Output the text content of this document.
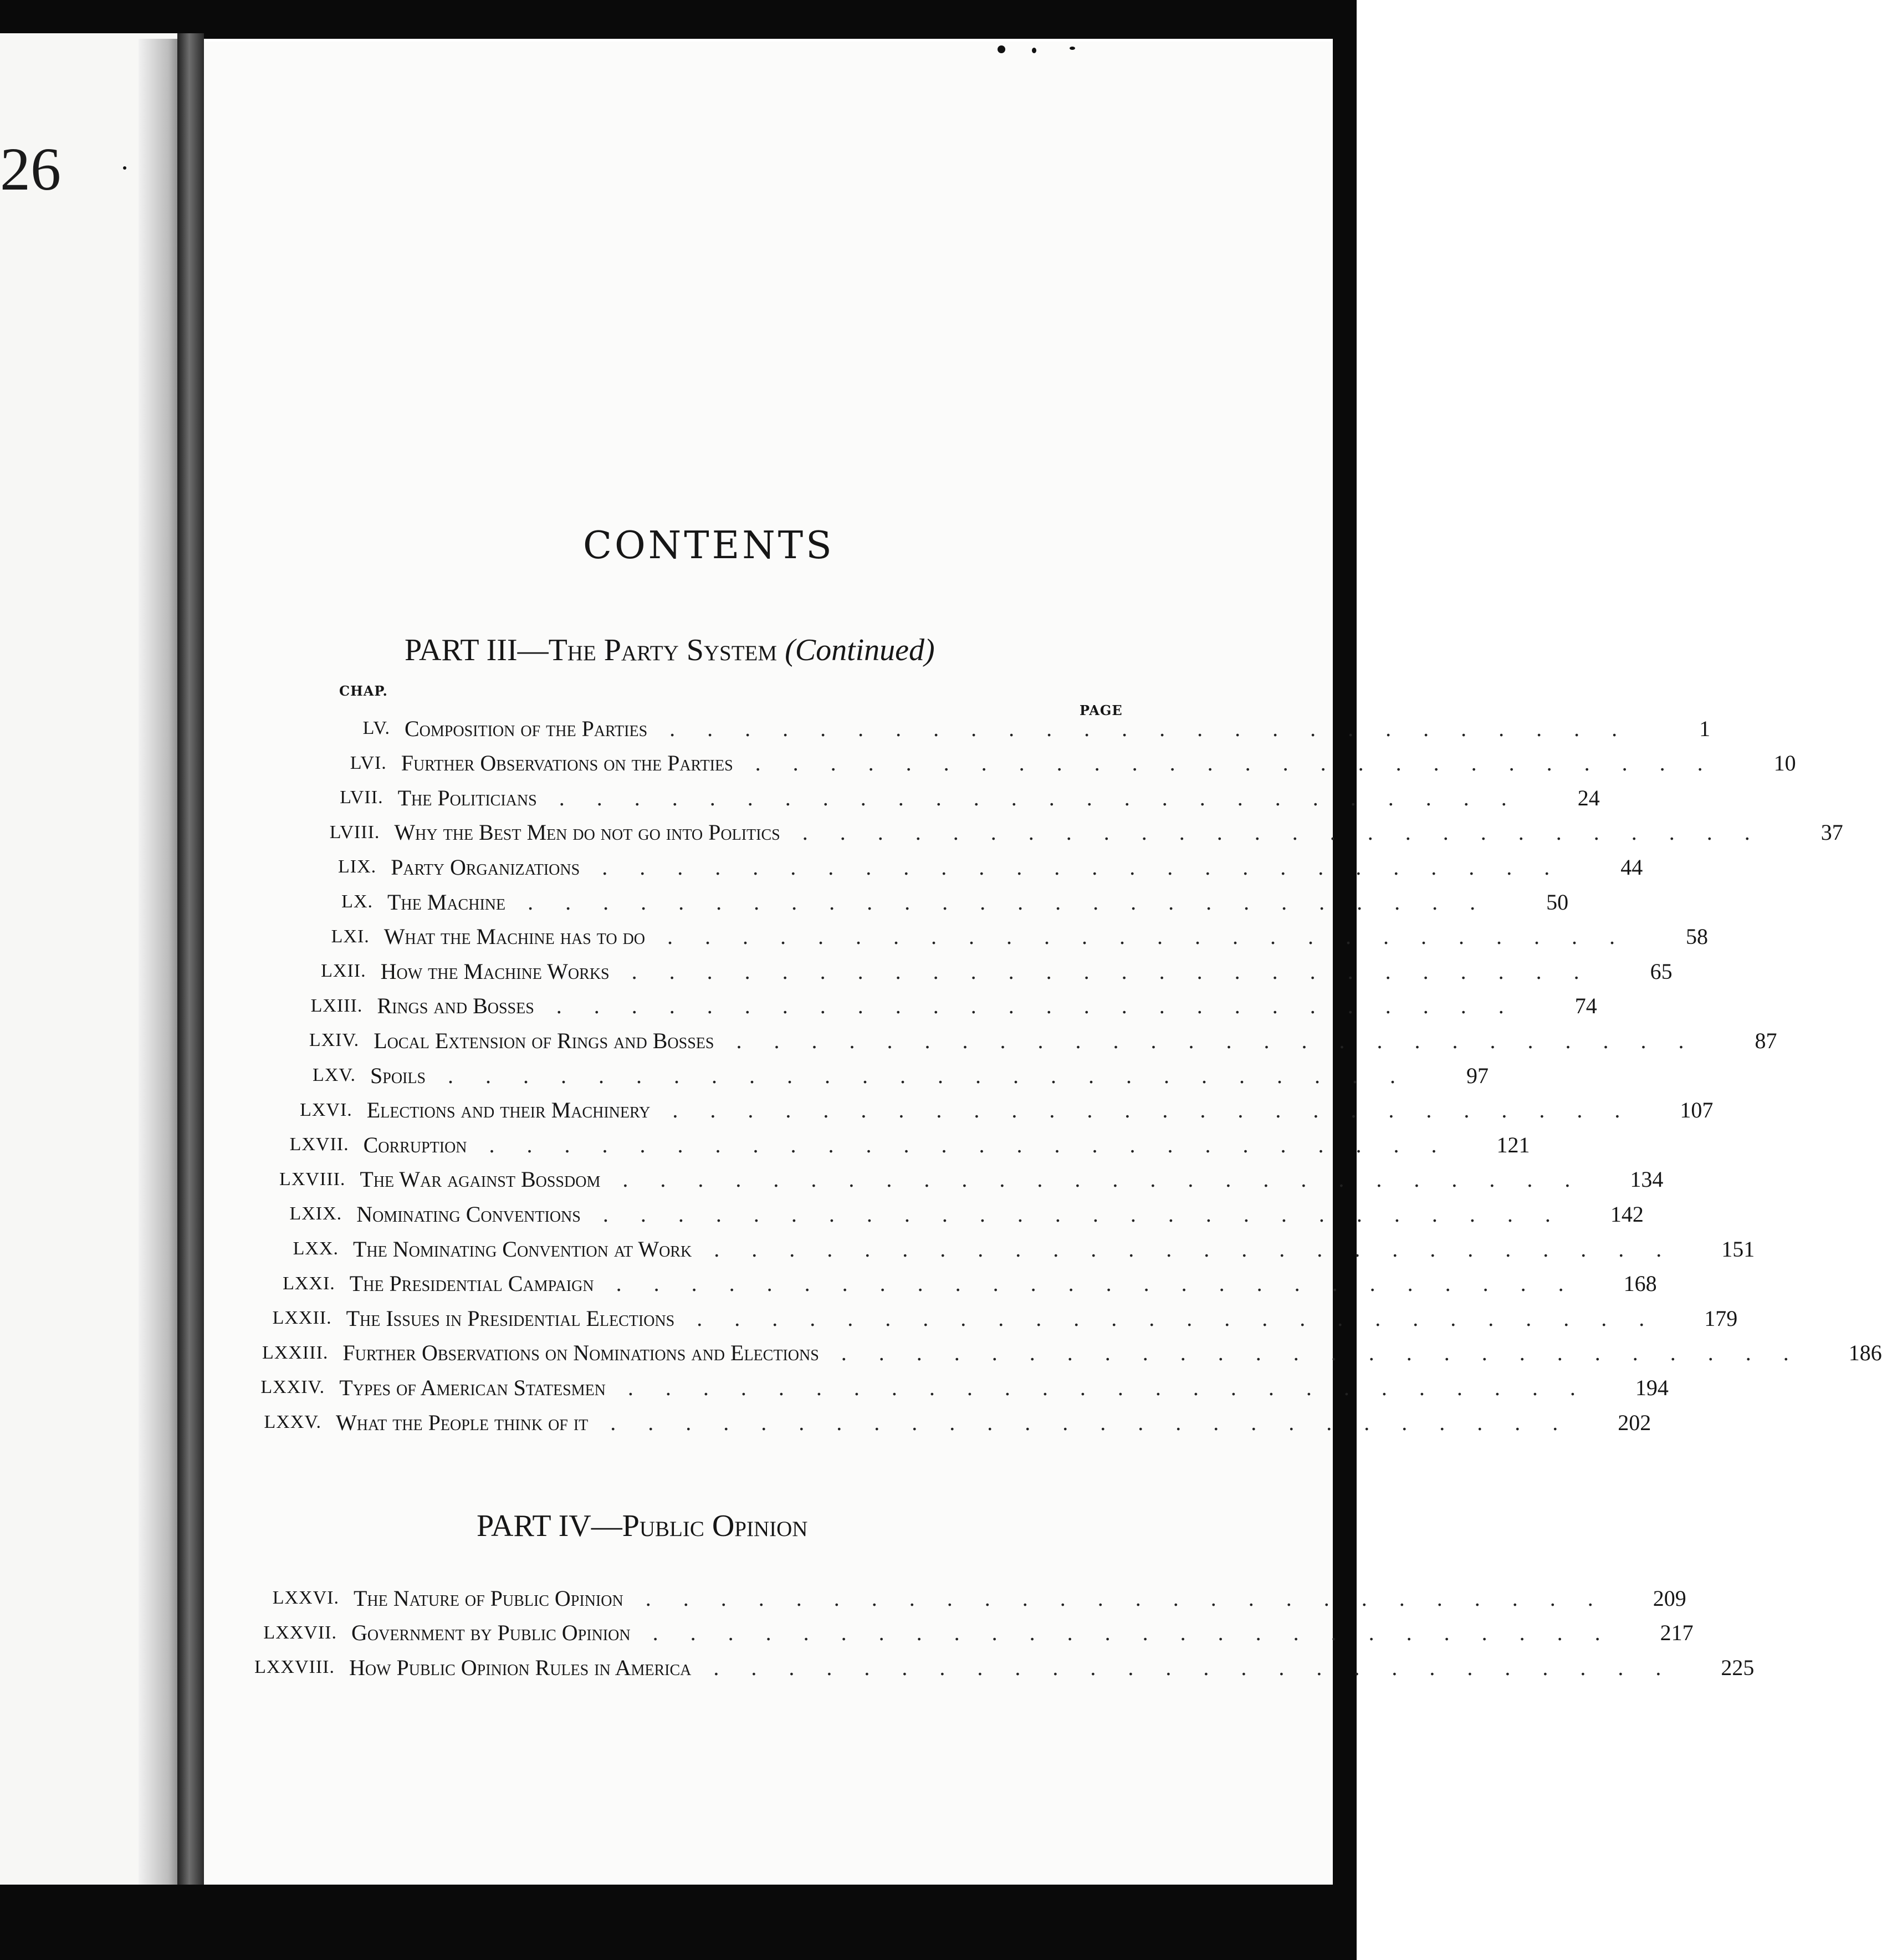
26
CONTENTS
PART III—The Party System (Continued)
CHAP.
PAGE
PART IV—Public Opinion
LV. Composition of the Parties	..........................	1
LVI. Further Observations on the Parties	..........................	10
LVII. The Politicians	..........................	24
LVIII. Why the Best Men do not go into Politics	..........................	37
LIX. Party Organizations	..........................	44
LX. The Machine	..........................	50
LXI. What the Machine has to do	..........................	58
LXII. How the Machine Works	..........................	65
LXIII. Rings and Bosses	..........................	74
LXIV. Local Extension of Rings and Bosses	..........................	87
LXV. Spoils	..........................	97
LXVI. Elections and their Machinery	..........................	107
LXVII. Corruption	..........................	121
LXVIII. The War against Bossdom	..........................	134
LXIX. Nominating Conventions	..........................	142
LXX. The Nominating Convention at Work	..........................	151
LXXI. The Presidential Campaign	..........................	168
LXXII. The Issues in Presidential Elections	..........................	179
LXXIII. Further Observations on Nominations and Elections	..........................	186
LXXIV. Types of American Statesmen	..........................	194
LXXV. What the People think of it	..........................	202
LXXVI. The Nature of Public Opinion	..........................	209
LXXVII. Government by Public Opinion	..........................	217
LXXVIII. How Public Opinion Rules in America	..........................	225
